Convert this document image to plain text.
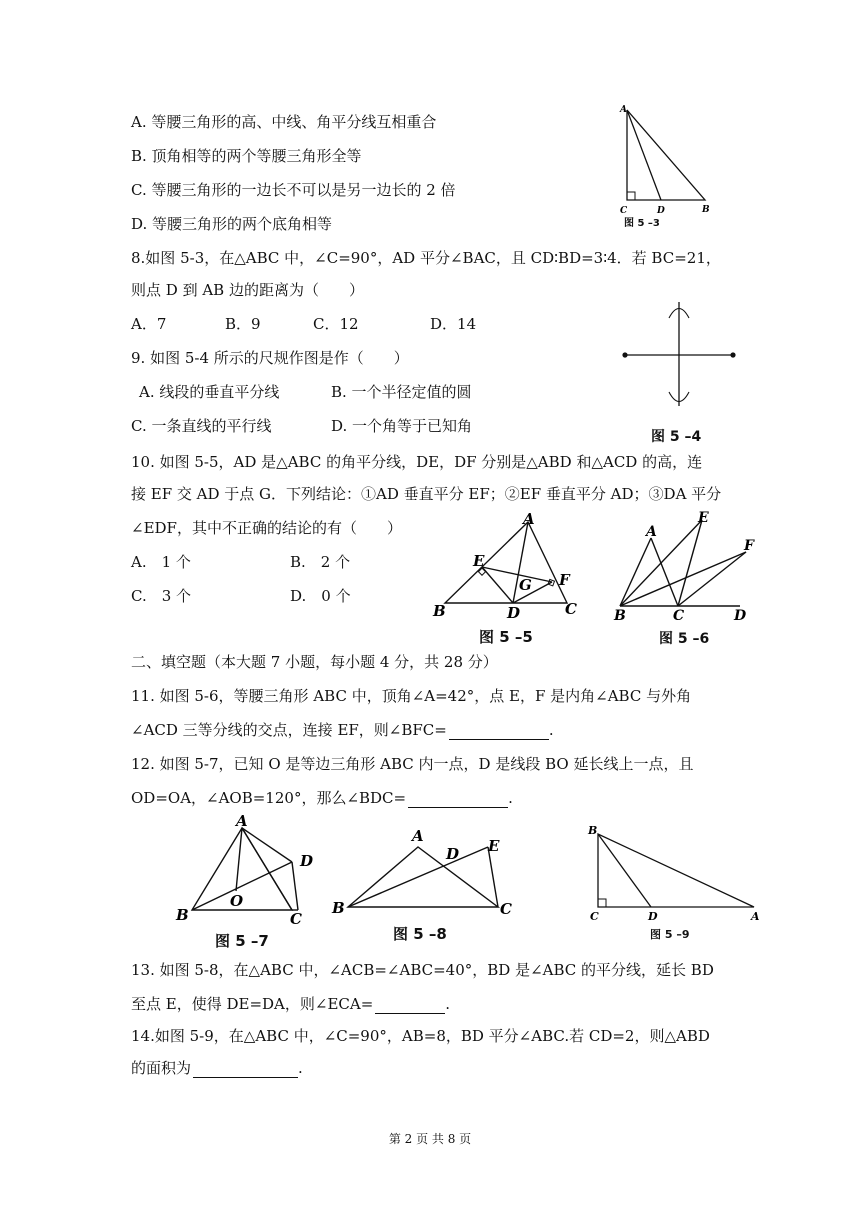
A. 等腰三角形的高、中线、角平分线互相重合
B. 顶角相等的两个等腰三角形全等
C. 等腰三角形的一边长不可以是另一边长的 2 倍
D. 等腰三角形的两个底角相等
A
C	D	B
图 5 –3
8.如图 5-3，在△ABC 中，∠C=90°，AD 平分∠BAC，且 CD∶BD=3∶4．若 BC=21，
则点 D 到 AB 边的距离为（　　）
A．7	B．9	C．12	D．14
图 5 –4
9. 如图 5-4 所示的尺规作图是作（　　）
A. 线段的垂直平分线	B. 一个半径定值的圆
C. 一条直线的平行线	D. 一个角等于已知角
10. 如图 5-5，AD 是△ABC 的角平分线，DE，DF 分别是△ABD 和△ACD 的高，连
接 EF 交 AD 于点 G．下列结论：①AD 垂直平分 EF；②EF 垂直平分 AD；③DA 平分
∠EDF，其中不正确的结论的有（　　）
A.　1 个	B.　2 个
C.　3 个	D.　0 个
A
E
G F
B	D	C
图 5 –5
A
E
F
B	C	D
图 5 –6
二、填空题（本大题 7 小题，每小题 4 分，共 28 分）
11. 如图 5-6，等腰三角形 ABC 中，顶角∠A=42°，点 E，F 是内角∠ABC 与外角
∠ACD 三等分线的交点，连接 EF，则∠BFC=	.
12. 如图 5-7，已知 O 是等边三角形 ABC 内一点，D 是线段 BO 延长线上一点，且
OD=OA，∠AOB=120°，那么∠BDC=	.
A
D
O
B	C
图 5 –7
A
D E
B	C
图 5 –8
B
C	D	A
图 5 –9
13. 如图 5-8，在△ABC 中，∠ACB=∠ABC=40°，BD 是∠ABC 的平分线，延长 BD
至点 E，使得 DE=DA，则∠ECA=	.
14.如图 5-9，在△ABC 中，∠C=90°，AB=8，BD 平分∠ABC.若 CD=2，则△ABD
的面积为	.
第 2 页 共 8 页
